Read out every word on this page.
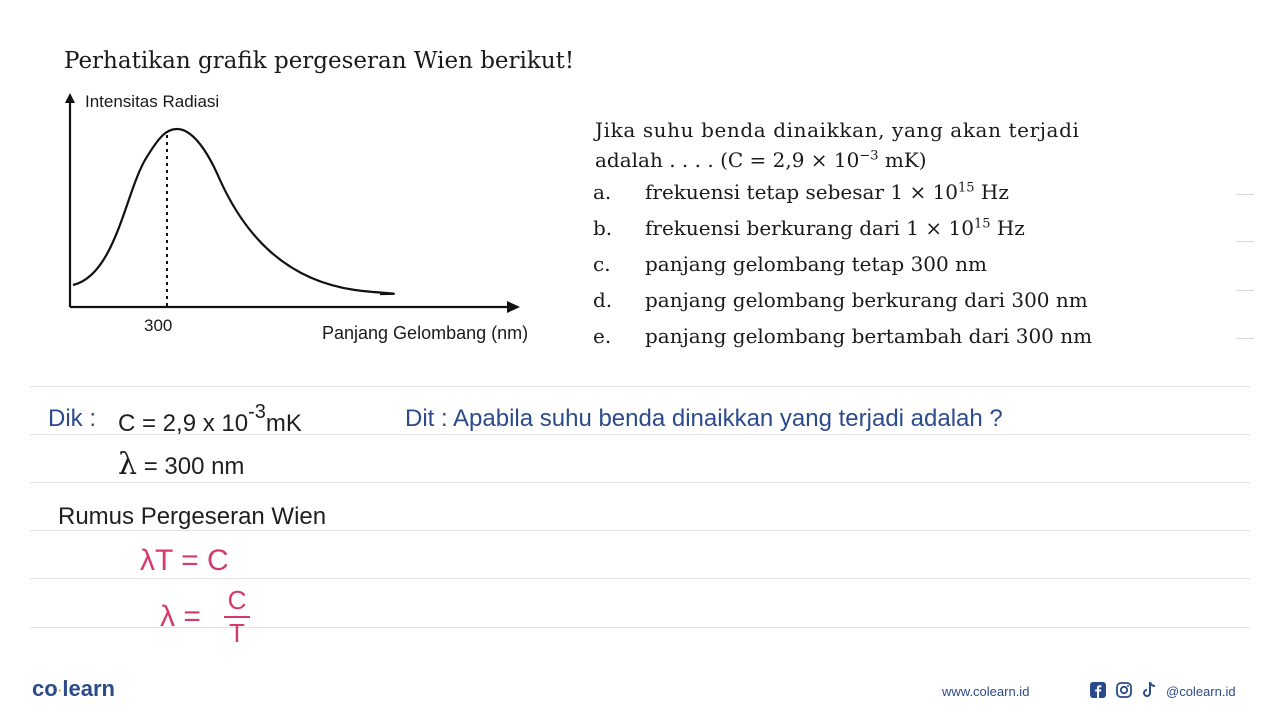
Perhatikan grafik pergeseran Wien berikut!
Intensitas Radiasi
300	Panjang Gelombang (nm)
Jika suhu benda dinaikkan, yang akan terjadi
adalah . . . . ($C = 2,9 \times 10^{-3}$ mK)
a. frekuensi tetap sebesar $1 \times 10^{15}$ Hz
b. frekuensi berkurang dari $1 \times 10^{15}$ Hz
c. panjang gelombang tetap 300 nm
d. panjang gelombang berkurang dari 300 nm
e. panjang gelombang bertambah dari 300 nm
Dik : C = 2,9 x $10^{-3}mK$
λ = 300 nm
Dit : Apabila suhu benda dinaikkan yang terjadi adalah ?
Rumus Pergeseran Wien
λT = C
λ = C
T
co·learn	www.colearn.id	@colearn.id
